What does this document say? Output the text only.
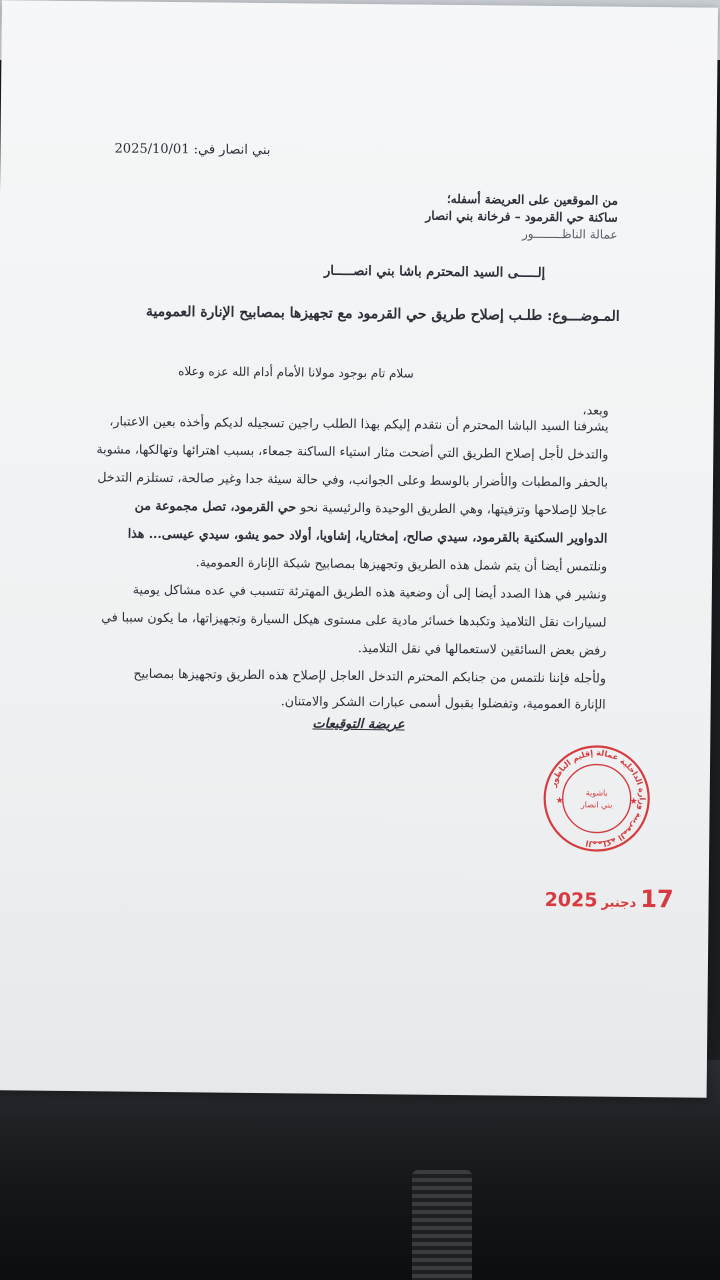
بني انصار في: 2025/10/01
من الموقعين على العريضة أسفله؛
ساكنة حي القرمود – فرخانة بني انصار
عمالة الناظــــــــور
إلـــــى السيد المحترم باشا بني انصـــــار
المـوضـــوع: طلـب إصلاح طريق حي القرمود مع تجهيزها بمصابيح الإنارة العمومية
سلام تام بوجود مولانا الأمام أدام الله عزه وعلاه
وبعد،
يشرفنا السيد الباشا المحترم أن نتقدم إليكم بهذا الطلب راجين تسجيله لديكم وأخذه بعين الاعتبار،
والتدخل لأجل إصلاح الطريق التي أضحت مثار استياء الساكنة جمعاء، بسبب اهترائها وتهالكها، مشوبة
بالحفر والمطبات والأضرار بالوسط وعلى الجوانب، وفي حالة سيئة جدا وغير صالحة، تستلزم التدخل
عاجلا لإصلاحها وتزفيتها، وهي الطريق الوحيدة والرئيسية نحو حي القرمود، تصل مجموعة من
الدواوير السكنية بالقرمود، سيدي صالح، إمختاريا، إشاويا، أولاد حمو يشو، سيدي عيسى... هذا
ونلتمس أيضا أن يتم شمل هذه الطريق وتجهيزها بمصابيح شبكة الإنارة العمومية.
ونشير في هذا الصدد أيضا إلى أن وضعية هذه الطريق المهترئة تتسبب في عده مشاكل يومية
لسيارات نقل التلاميذ وتكبدها خسائر مادية على مستوى هيكل السيارة وتجهيزاتها، ما يكون سببا في
رفض بعض السائقين لاستعمالها في نقل التلاميذ.
ولأجله فإننا نلتمس من جنابكم المحترم التدخل العاجل لإصلاح هذه الطريق وتجهيزها بمصابيح
الإنارة العمومية، وتفضلوا بقبول أسمى عبارات الشكر والامتنان.
عريضة التوقيعات
المملكة المغربية وزارة الداخلية عمالة إقليم الناظور
باشوية
بني انصار
★	★
17دجنبر2025
